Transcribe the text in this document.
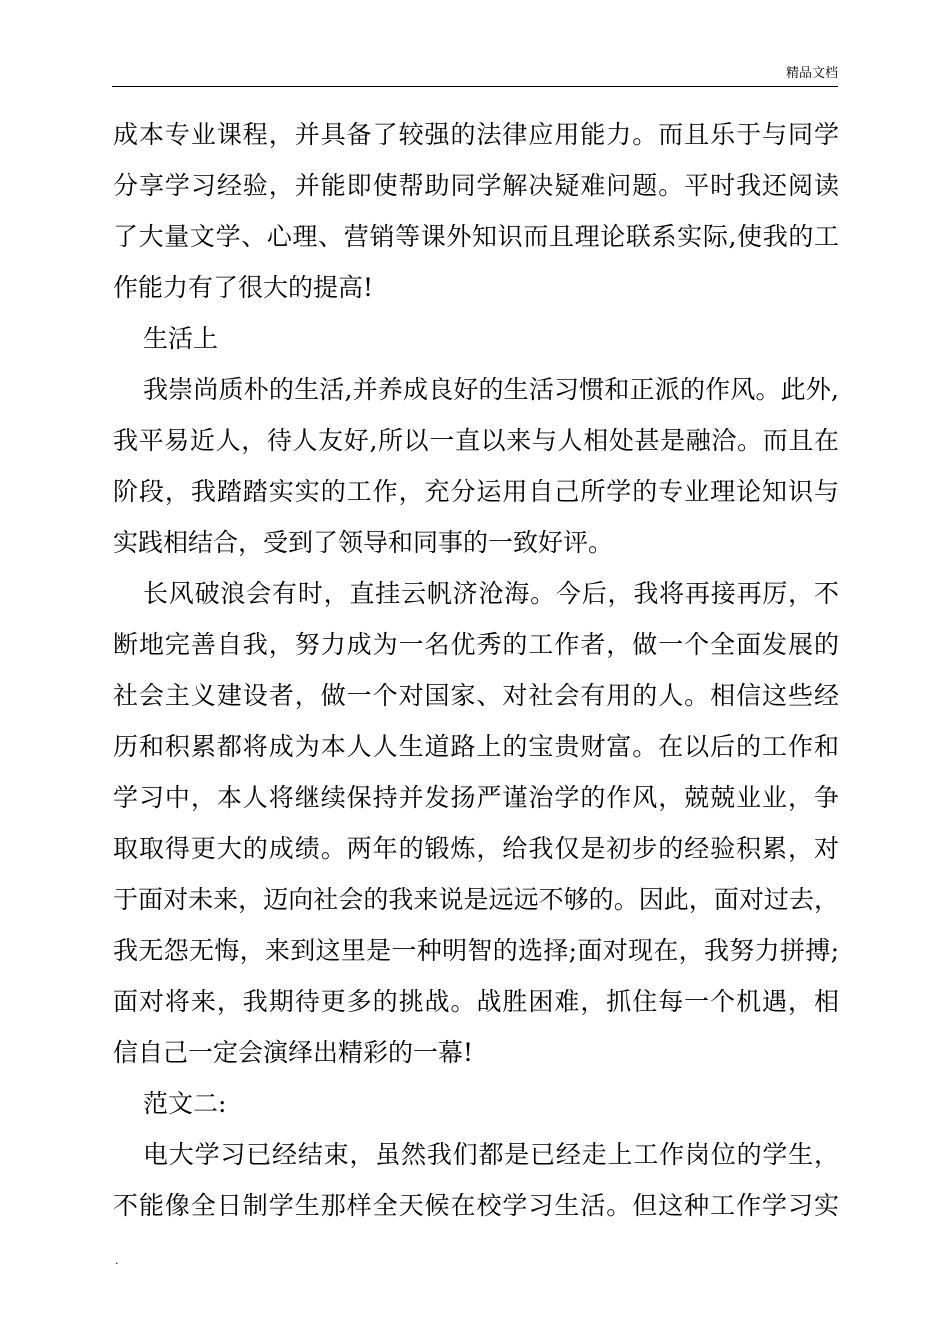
精品文档
成本专业课程，并具备了较强的法律应用能力。而且乐于与同学
分享学习经验，并能即使帮助同学解决疑难问题。平时我还阅读
了大量文学、心理、营销等课外知识而且理论联系实际,使我的工
作能力有了很大的提高!
生活上
我崇尚质朴的生活,并养成良好的生活习惯和正派的作风。此外,
我平易近人，待人友好,所以一直以来与人相处甚是融洽。而且在
阶段，我踏踏实实的工作，充分运用自己所学的专业理论知识与
实践相结合，受到了领导和同事的一致好评。
长风破浪会有时，直挂云帆济沧海。今后，我将再接再厉，不
断地完善自我，努力成为一名优秀的工作者，做一个全面发展的
社会主义建设者，做一个对国家、对社会有用的人。相信这些经
历和积累都将成为本人人生道路上的宝贵财富。在以后的工作和
学习中，本人将继续保持并发扬严谨治学的作风，兢兢业业，争
取取得更大的成绩。两年的锻炼，给我仅是初步的经验积累，对
于面对未来，迈向社会的我来说是远远不够的。因此，面对过去，
我无怨无悔，来到这里是一种明智的选择;面对现在，我努力拼搏;
面对将来，我期待更多的挑战。战胜困难，抓住每一个机遇，相
信自己一定会演绎出精彩的一幕!
范文二:
电大学习已经结束，虽然我们都是已经走上工作岗位的学生，
不能像全日制学生那样全天候在校学习生活。但这种工作学习实
.
